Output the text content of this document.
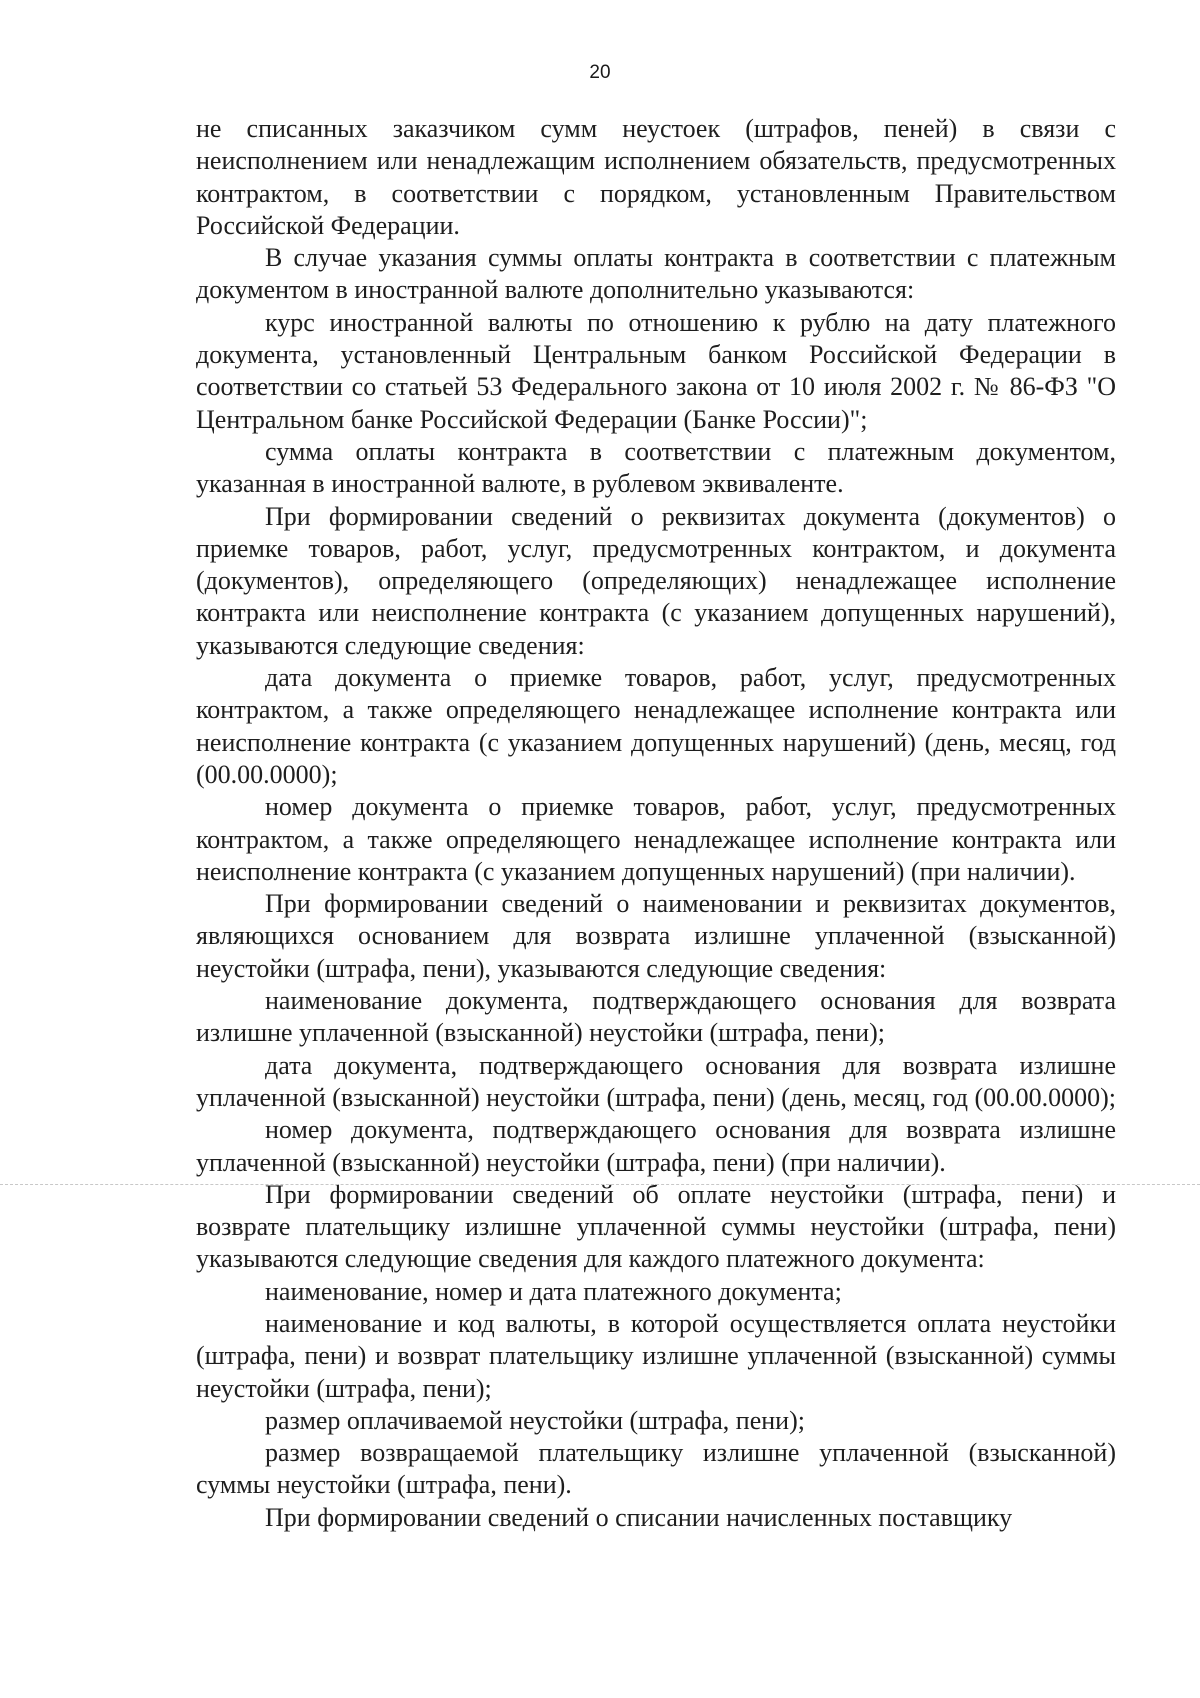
20

не списанных заказчиком сумм неустоек (штрафов, пеней) в связи с неисполнением или ненадлежащим исполнением обязательств, предусмотренных контрактом, в соответствии с порядком, установленным Правительством Российской Федерации.

В случае указания суммы оплаты контракта в соответствии с платежным документом в иностранной валюте дополнительно указываются:

курс иностранной валюты по отношению к рублю на дату платежного документа, установленный Центральным банком Российской Федерации в соответствии со статьей 53 Федерального закона от 10 июля 2002 г. № 86-ФЗ "О Центральном банке Российской Федерации (Банке России)";

сумма оплаты контракта в соответствии с платежным документом, указанная в иностранной валюте, в рублевом эквиваленте.

При формировании сведений о реквизитах документа (документов) о приемке товаров, работ, услуг, предусмотренных контрактом, и документа (документов), определяющего (определяющих) ненадлежащее исполнение контракта или неисполнение контракта (с указанием допущенных нарушений), указываются следующие сведения:

дата документа о приемке товаров, работ, услуг, предусмотренных контрактом, а также определяющего ненадлежащее исполнение контракта или неисполнение контракта (с указанием допущенных нарушений) (день, месяц, год (00.00.0000);

номер документа о приемке товаров, работ, услуг, предусмотренных контрактом, а также определяющего ненадлежащее исполнение контракта или неисполнение контракта (с указанием допущенных нарушений) (при наличии).

При формировании сведений о наименовании и реквизитах документов, являющихся основанием для возврата излишне уплаченной (взысканной) неустойки (штрафа, пени), указываются следующие сведения:

наименование документа, подтверждающего основания для возврата излишне уплаченной (взысканной) неустойки (штрафа, пени);

дата документа, подтверждающего основания для возврата излишне уплаченной (взысканной) неустойки (штрафа, пени) (день, месяц, год (00.00.0000);

номер документа, подтверждающего основания для возврата излишне уплаченной (взысканной) неустойки (штрафа, пени) (при наличии).

При формировании сведений об оплате неустойки (штрафа, пени) и возврате плательщику излишне уплаченной суммы неустойки (штрафа, пени) указываются следующие сведения для каждого платежного документа:

наименование, номер и дата платежного документа;

наименование и код валюты, в которой осуществляется оплата неустойки (штрафа, пени) и возврат плательщику излишне уплаченной (взысканной) суммы неустойки (штрафа, пени);

размер оплачиваемой неустойки (штрафа, пени);

размер возвращаемой плательщику излишне уплаченной (взысканной) суммы неустойки (штрафа, пени).

При формировании сведений о списании начисленных поставщику
